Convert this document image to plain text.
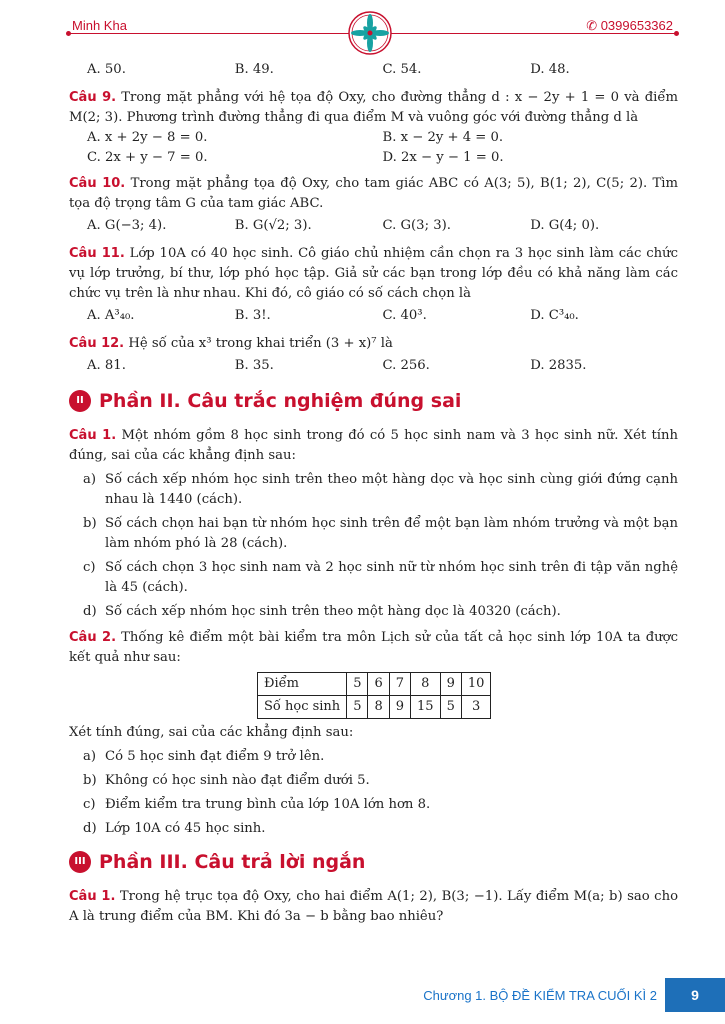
Minh Kha	✆ 0399653362
A. 50.	B. 49.	C. 54.	D. 48.
Câu 9. Trong mặt phẳng với hệ tọa độ Oxy, cho đường thẳng d : x − 2y + 1 = 0 và điểm M(2; 3). Phương trình đường thẳng đi qua điểm M và vuông góc với đường thẳng d là
A. x + 2y − 8 = 0.	B. x − 2y + 4 = 0.
C. 2x + y − 7 = 0.	D. 2x − y − 1 = 0.
Câu 10. Trong mặt phẳng tọa độ Oxy, cho tam giác ABC có A(3; 5), B(1; 2), C(5; 2). Tìm tọa độ trọng tâm G của tam giác ABC.
A. G(−3; 4).	B. G(√2; 3).	C. G(3; 3).	D. G(4; 0).
Câu 11. Lớp 10A có 40 học sinh. Cô giáo chủ nhiệm cần chọn ra 3 học sinh làm các chức vụ lớp trưởng, bí thư, lớp phó học tập. Giả sử các bạn trong lớp đều có khả năng làm các chức vụ trên là như nhau. Khi đó, cô giáo có số cách chọn là
A. A³₄₀.	B. 3!.	C. 40³.	D. C³₄₀.
Câu 12. Hệ số của x³ trong khai triển (3 + x)⁷ là
A. 81.	B. 35.	C. 256.	D. 2835.
II Phần II. Câu trắc nghiệm đúng sai
Câu 1. Một nhóm gồm 8 học sinh trong đó có 5 học sinh nam và 3 học sinh nữ. Xét tính đúng, sai của các khẳng định sau:
a) Số cách xếp nhóm học sinh trên theo một hàng dọc và học sinh cùng giới đứng cạnh nhau là 1440 (cách).
b) Số cách chọn hai bạn từ nhóm học sinh trên để một bạn làm nhóm trưởng và một bạn làm nhóm phó là 28 (cách).
c) Số cách chọn 3 học sinh nam và 2 học sinh nữ từ nhóm học sinh trên đi tập văn nghệ là 45 (cách).
d) Số cách xếp nhóm học sinh trên theo một hàng dọc là 40320 (cách).
Câu 2. Thống kê điểm một bài kiểm tra môn Lịch sử của tất cả học sinh lớp 10A ta được kết quả như sau:
Điểm	5	6	7	8	9	10
Số học sinh	5	8	9	15	5	3
Xét tính đúng, sai của các khẳng định sau:
a) Có 5 học sinh đạt điểm 9 trở lên.
b) Không có học sinh nào đạt điểm dưới 5.
c) Điểm kiểm tra trung bình của lớp 10A lớn hơn 8.
d) Lớp 10A có 45 học sinh.
III Phần III. Câu trả lời ngắn
Câu 1. Trong hệ trục tọa độ Oxy, cho hai điểm A(1; 2), B(3; −1). Lấy điểm M(a; b) sao cho A là trung điểm của BM. Khi đó 3a − b bằng bao nhiêu?
Chương 1. BỘ ĐỀ KIỂM TRA CUỐI KÌ 2	9
